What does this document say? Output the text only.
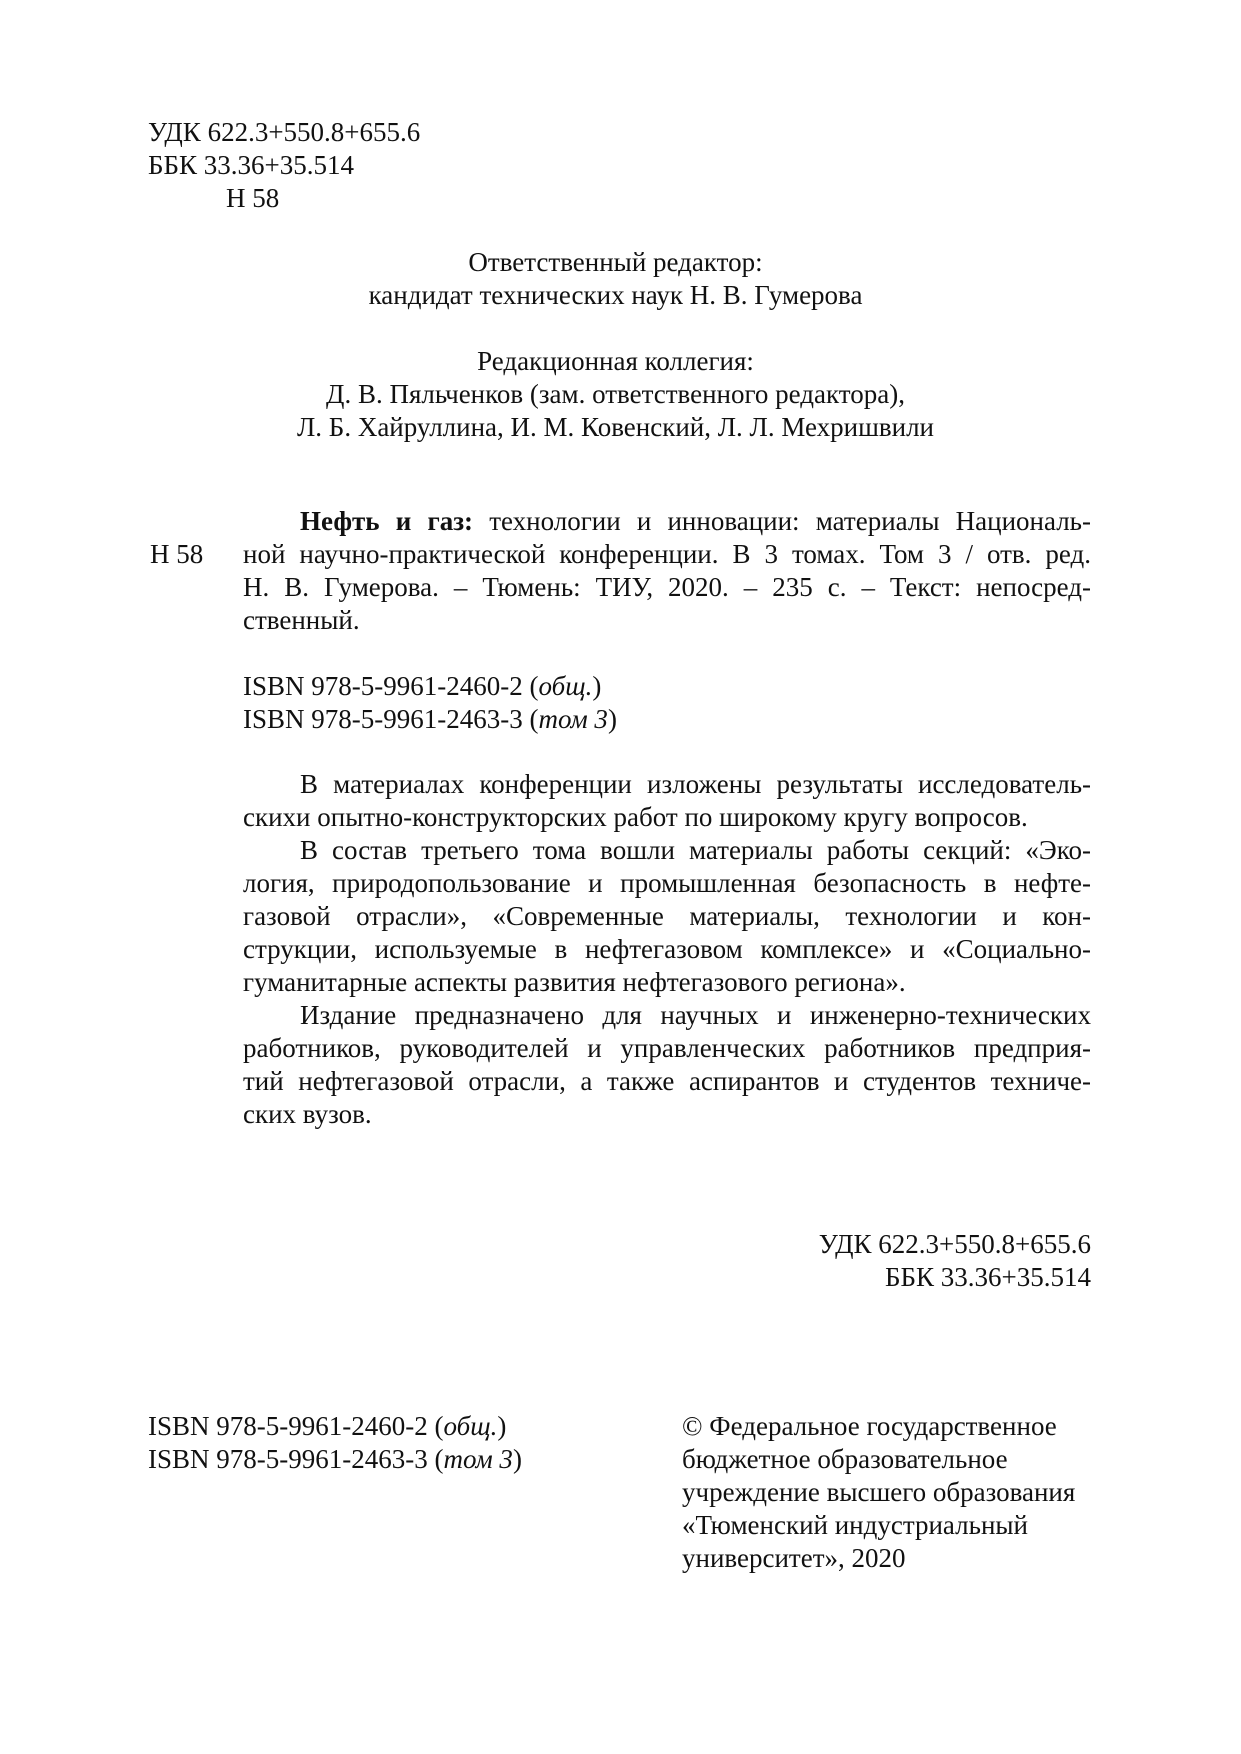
УДК 622.3+550.8+655.6
ББК 33.36+35.514
Н 58
Ответственный редактор:
кандидат технических наук Н. В. Гумерова
Редакционная коллегия:
Д. В. Пяльченков (зам. ответственного редактора),
Л. Б. Хайруллина, И. М. Ковенский, Л. Л. Мехришвили
Н 58
Нефть и газ: технологии и инновации: материалы Националь-
ной научно-практической конференции. В 3 томах. Том 3 / отв. ред.
Н. В. Гумерова. – Тюмень: ТИУ, 2020. – 235 с. – Текст: непосред-
ственный.
ISBN 978-5-9961-2460-2 (общ.)
ISBN 978-5-9961-2463-3 (том 3)
В материалах конференции изложены результаты исследователь-
скихи опытно-конструкторских работ по широкому кругу вопросов.
В состав третьего тома вошли материалы работы секций: «Эко-
логия, природопользование и промышленная безопасность в нефте-
газовой отрасли», «Современные материалы, технологии и кон-
струкции, используемые в нефтегазовом комплексе» и «Социально-
гуманитарные аспекты развития нефтегазового региона».
Издание предназначено для научных и инженерно-технических
работников, руководителей и управленческих работников предприя-
тий нефтегазовой отрасли, а также аспирантов и студентов техниче-
ских вузов.
УДК 622.3+550.8+655.6
ББК 33.36+35.514
ISBN 978-5-9961-2460-2 (общ.)
ISBN 978-5-9961-2463-3 (том 3)
© Федеральное государственное
бюджетное образовательное
учреждение высшего образования
«Тюменский индустриальный
университет», 2020
